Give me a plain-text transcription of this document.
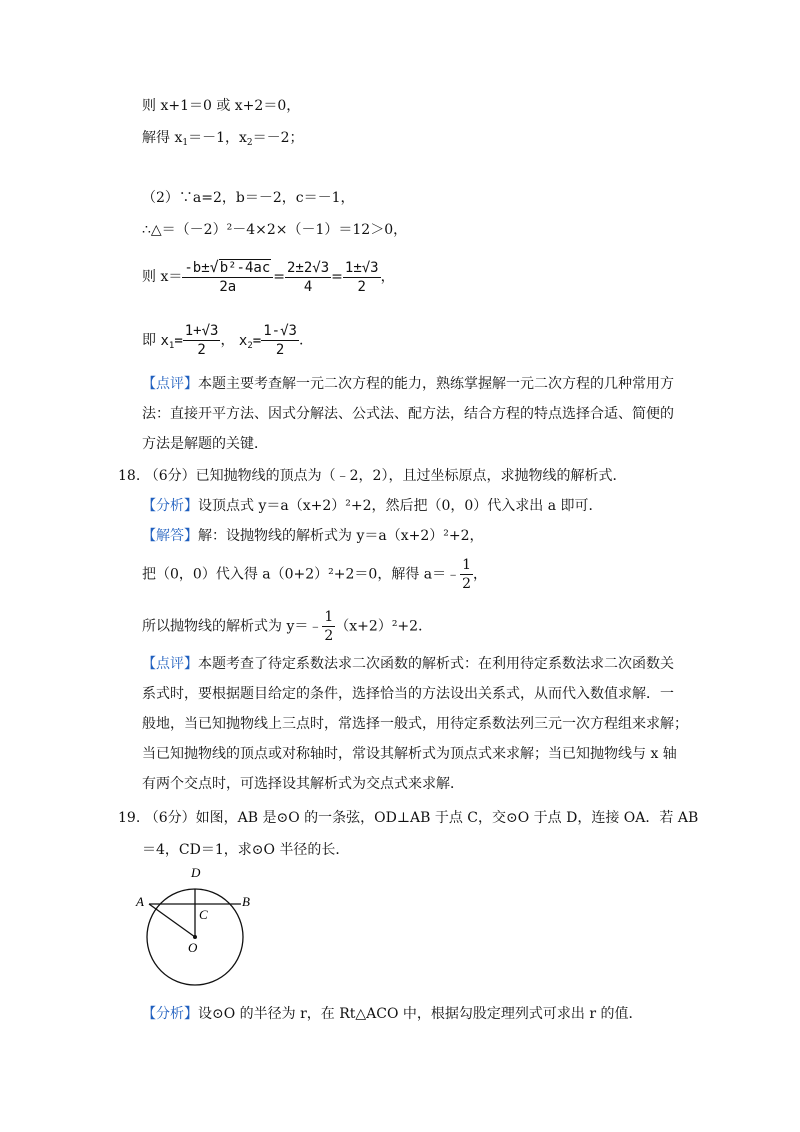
则 x+1＝0 或 x+2＝0，
解得 $x_1=-1$，$x_2=-2$；
（2）∵a=2，b＝－2，c＝－1，
∴△＝（－2）²－4×2×（－1）＝12＞0，
则 $x= \frac{\text{-b±√b²-4ac}}{2a} = \frac{2\pm 2√3}{4} = \frac{1\pm√3}{2}$ ，
即 $x_1= \frac{1+√3}{2}$ ， $x_2= \frac{1-√3}{2}$ .
【点评】本题主要考查解一元二次方程的能力，熟练掌握解一元二次方程的几种常用方
法：直接开平方法、因式分解法、公式法、配方法，结合方程的特点选择合适、简便的
方法是解题的关键．
18. （6分）已知抛物线的顶点为（﹣2，2），且过坐标原点，求抛物线的解析式．
【分析】设顶点式 y＝a（x+2）²+2，然后把（0，0）代入求出 a 即可．
【解答】解：设抛物线的解析式为 y＝a（x+2）²+2，
把（0，0）代入得 a（0+2）²+2＝0，解得 a＝﹣ $\frac{1}{2}$ ，
所以抛物线的解析式为 y＝﹣ $\frac{1}{2} (x+2)^2+2$．
【点评】本题考查了待定系数法求二次函数的解析式：在利用待定系数法求二次函数关
系式时，要根据题目给定的条件，选择恰当的方法设出关系式，从而代入数值求解．一
般地，当已知抛物线上三点时，常选择一般式，用待定系数法列三元一次方程组来求解；
当已知抛物线的顶点或对称轴时，常设其解析式为顶点式来求解；当已知抛物线与 x 轴
有两个交点时，可选择设其解析式为交点式来求解．
19. （6分）如图，AB 是⊙O 的一条弦，OD⊥AB 于点 C，交⊙O 于点 D，连接 OA．若 AB
＝4，CD＝1，求⊙O 半径的长．
D
A	B
C
O
【分析】设⊙O 的半径为 r，在 Rt△ACO 中，根据勾股定理列式可求出 r 的值．
